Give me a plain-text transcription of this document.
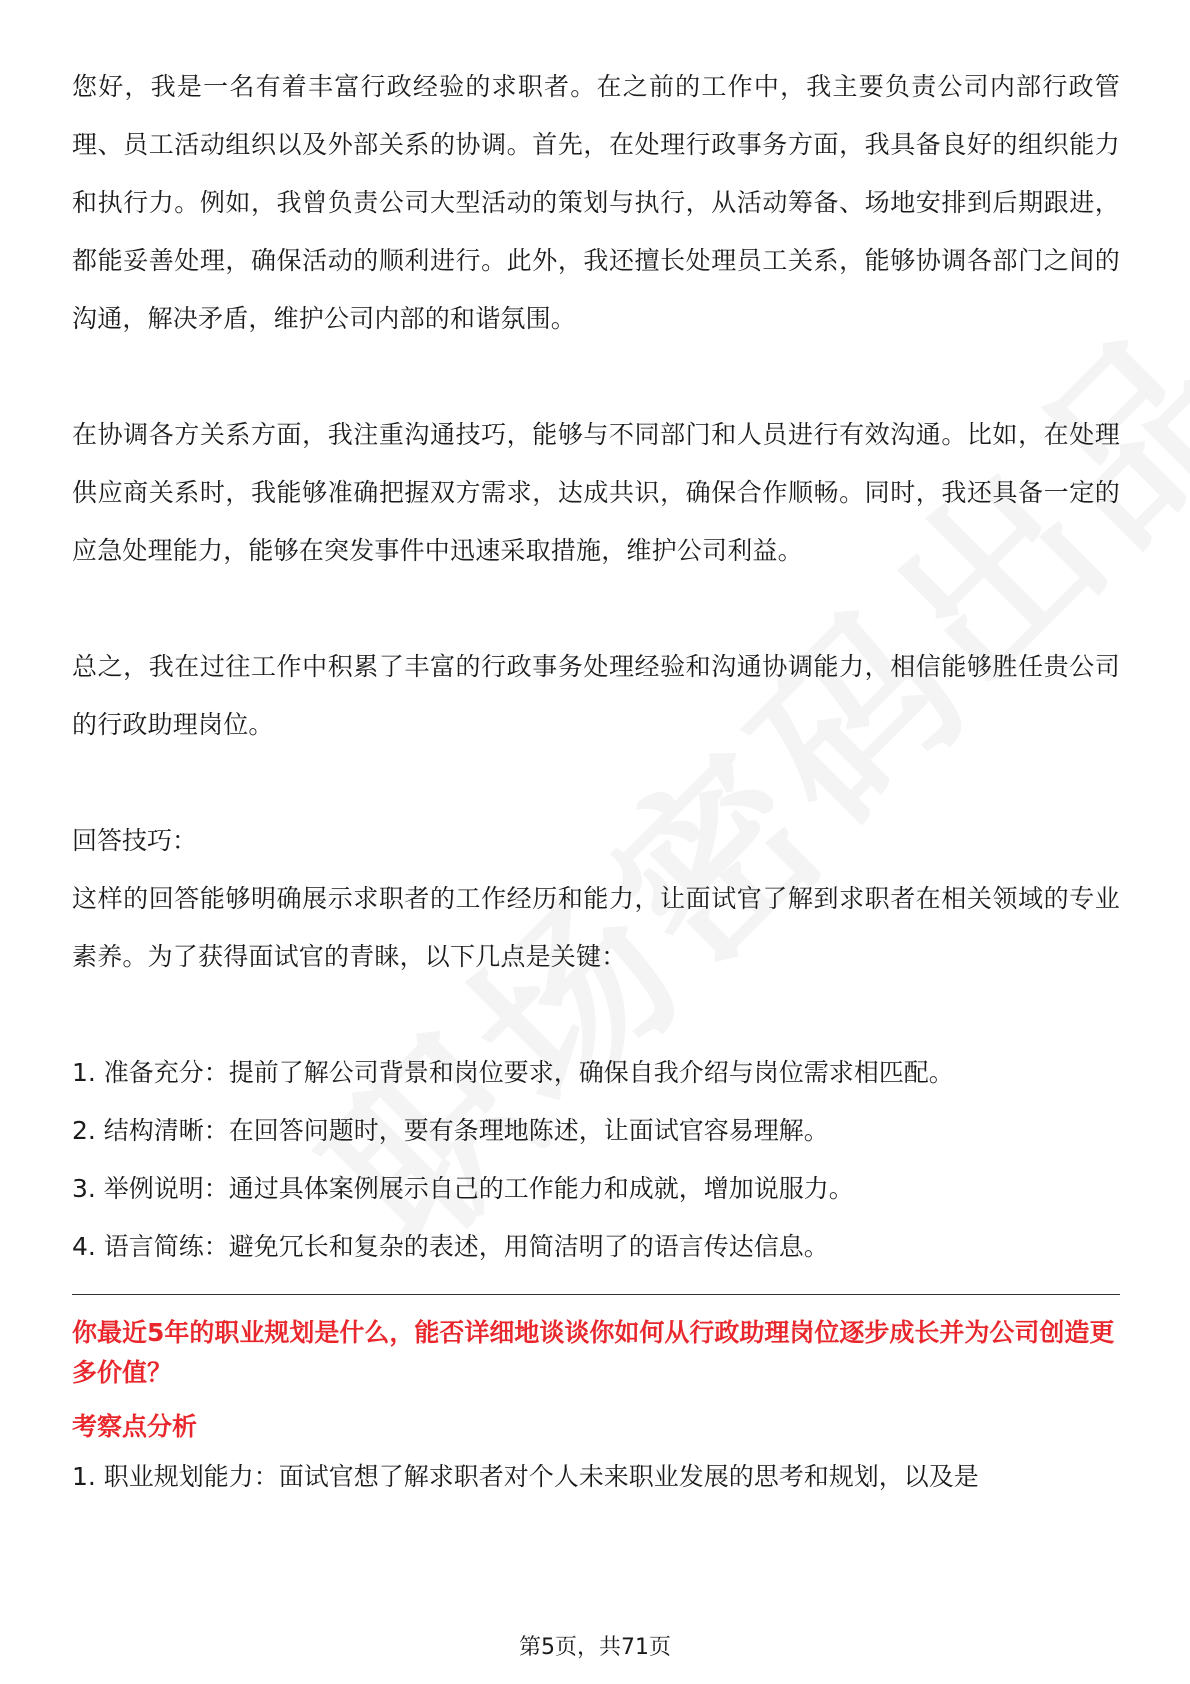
您好，我是一名有着丰富行政经验的求职者。在之前的工作中，我主要负责公司内部行政管理、员工活动组织以及外部关系的协调。首先，在处理行政事务方面，我具备良好的组织能力和执行力。例如，我曾负责公司大型活动的策划与执行，从活动筹备、场地安排到后期跟进，都能妥善处理，确保活动的顺利进行。此外，我还擅长处理员工关系，能够协调各部门之间的沟通，解决矛盾，维护公司内部的和谐氛围。

在协调各方关系方面，我注重沟通技巧，能够与不同部门和人员进行有效沟通。比如，在处理供应商关系时，我能够准确把握双方需求，达成共识，确保合作顺畅。同时，我还具备一定的应急处理能力，能够在突发事件中迅速采取措施，维护公司利益。

总之，我在过往工作中积累了丰富的行政事务处理经验和沟通协调能力，相信能够胜任贵公司的行政助理岗位。

回答技巧：

这样的回答能够明确展示求职者的工作经历和能力，让面试官了解到求职者在相关领域的专业素养。为了获得面试官的青睐，以下几点是关键：

1. 准备充分：提前了解公司背景和岗位要求，确保自我介绍与岗位需求相匹配。
2. 结构清晰：在回答问题时，要有条理地陈述，让面试官容易理解。
3. 举例说明：通过具体案例展示自己的工作能力和成就，增加说服力。
4. 语言简练：避免冗长和复杂的表述，用简洁明了的语言传达信息。

你最近5年的职业规划是什么，能否详细地谈谈你如何从行政助理岗位逐步成长并为公司创造更多价值？

考察点分析

1. 职业规划能力：面试官想了解求职者对个人未来职业发展的思考和规划，以及是

第5页，共71页
